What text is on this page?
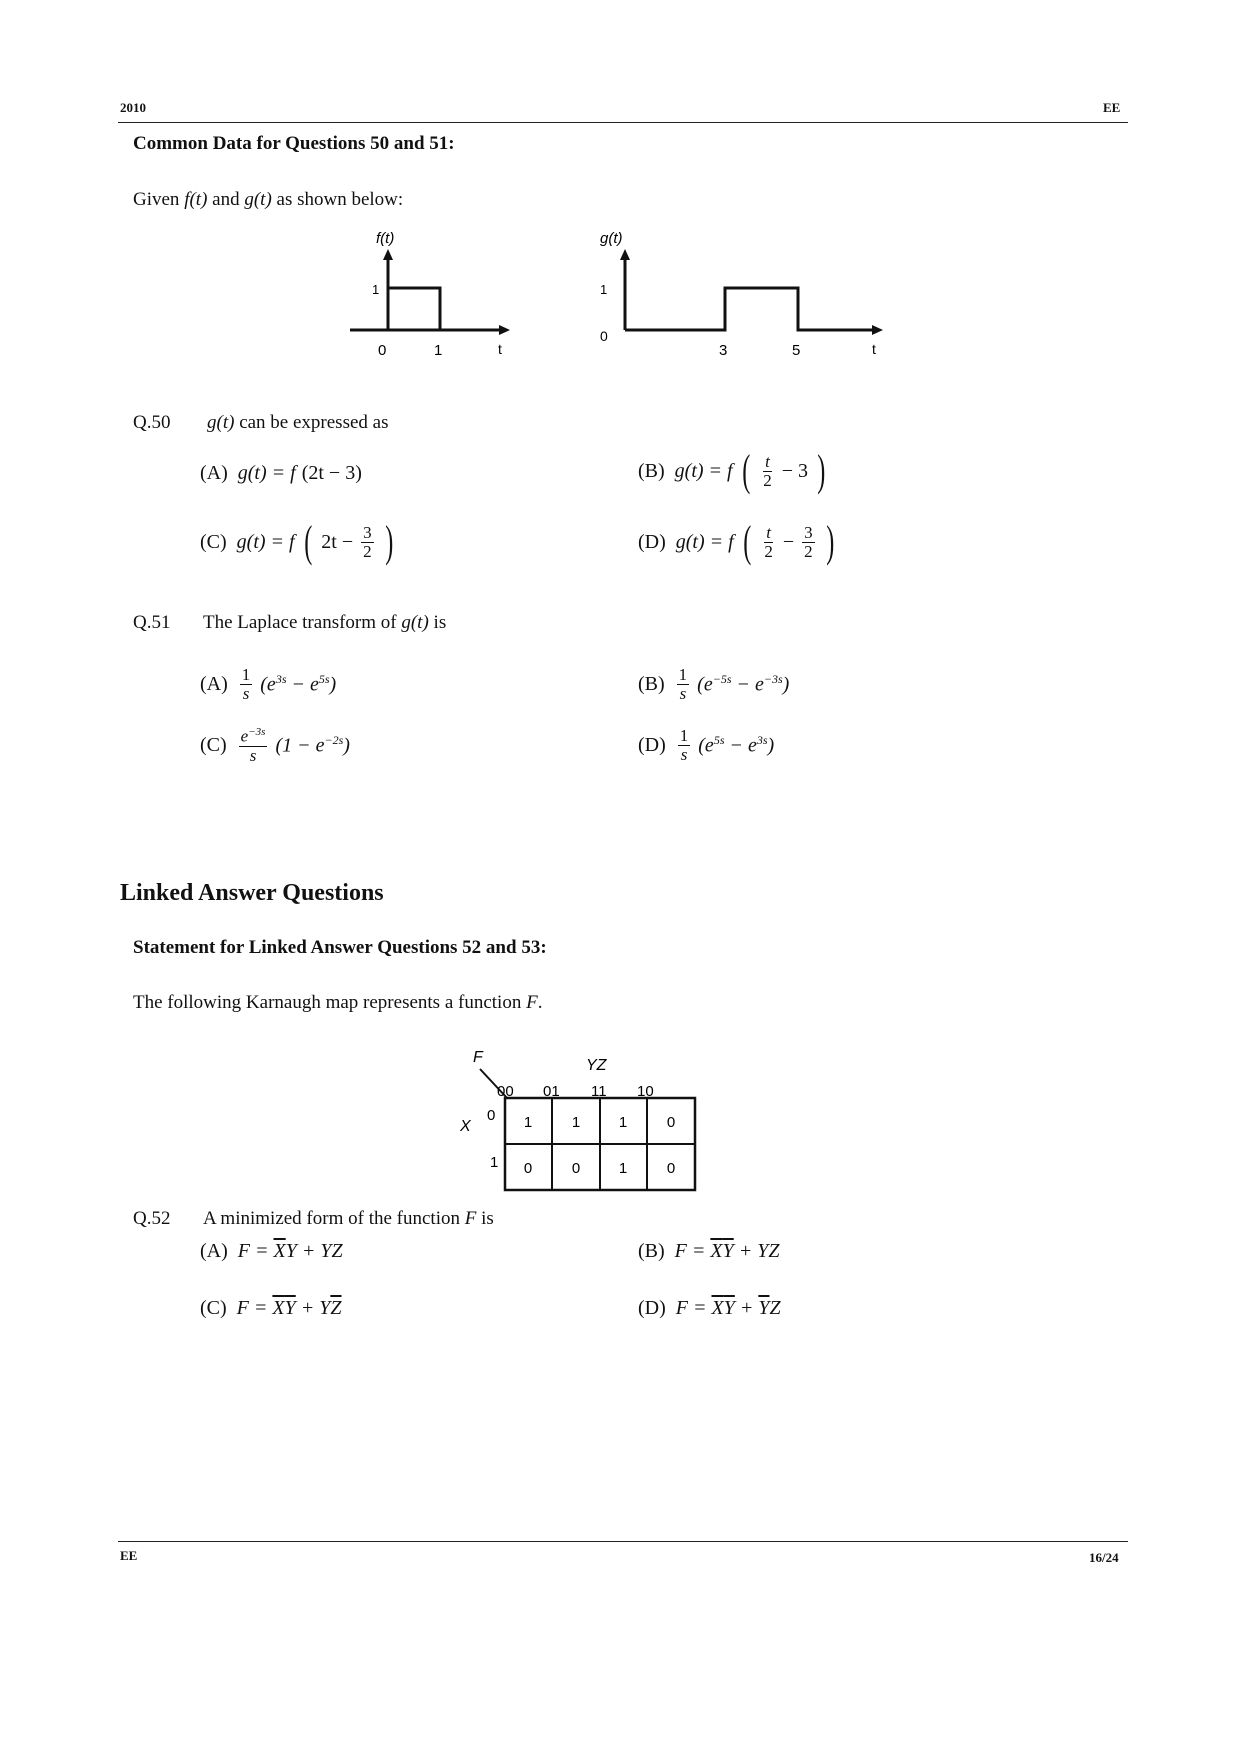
2010	EE
Common Data for Questions 50 and 51:
Given f(t) and g(t) as shown below:
f(t)
1
0	1	t
g(t)
1
0
3	5	t
Q.50 g(t) can be expressed as
(A) g(t) = f (2t − 3)	(B) g(t) = f ( $\frac{t}{2} - 3$ )
(C) g(t) = f ( $2t - \frac{3}{2}$ )	(D) g(t) = f ( $\frac{t}{2} - \frac{3}{2}$ )
Q.51 The Laplace transform of g(t) is
$(A) \frac{1}{s} (e^{3s} - e^{5s})$	$(B) \frac{1}{s} (e^{-5s} - e^{-3s})$
$(C) \frac{e^{-3s}}{s} (1 - e^{-2s})$	$(D) \frac{1}{s} (e^{5s} - e^{3s})$
Linked Answer Questions
Statement for Linked Answer Questions 52 and 53:
The following Karnaugh map represents a function F.
F	YZ
00 01 11 10
X
0
1
1	1	1	0
0	0	1	0
Q.52 A minimized form of the function F is
(A) $F = \overline{X}Y$ + YZ	(B) $F = \overline{X}\overline{Y}$ + YZ
(C) $F = \overline{X}\overline{Y} + Y\overline{Z}$	(D) $F = \overline{X}\overline{Y} + \overline{Y}Z$
EE	16/24
